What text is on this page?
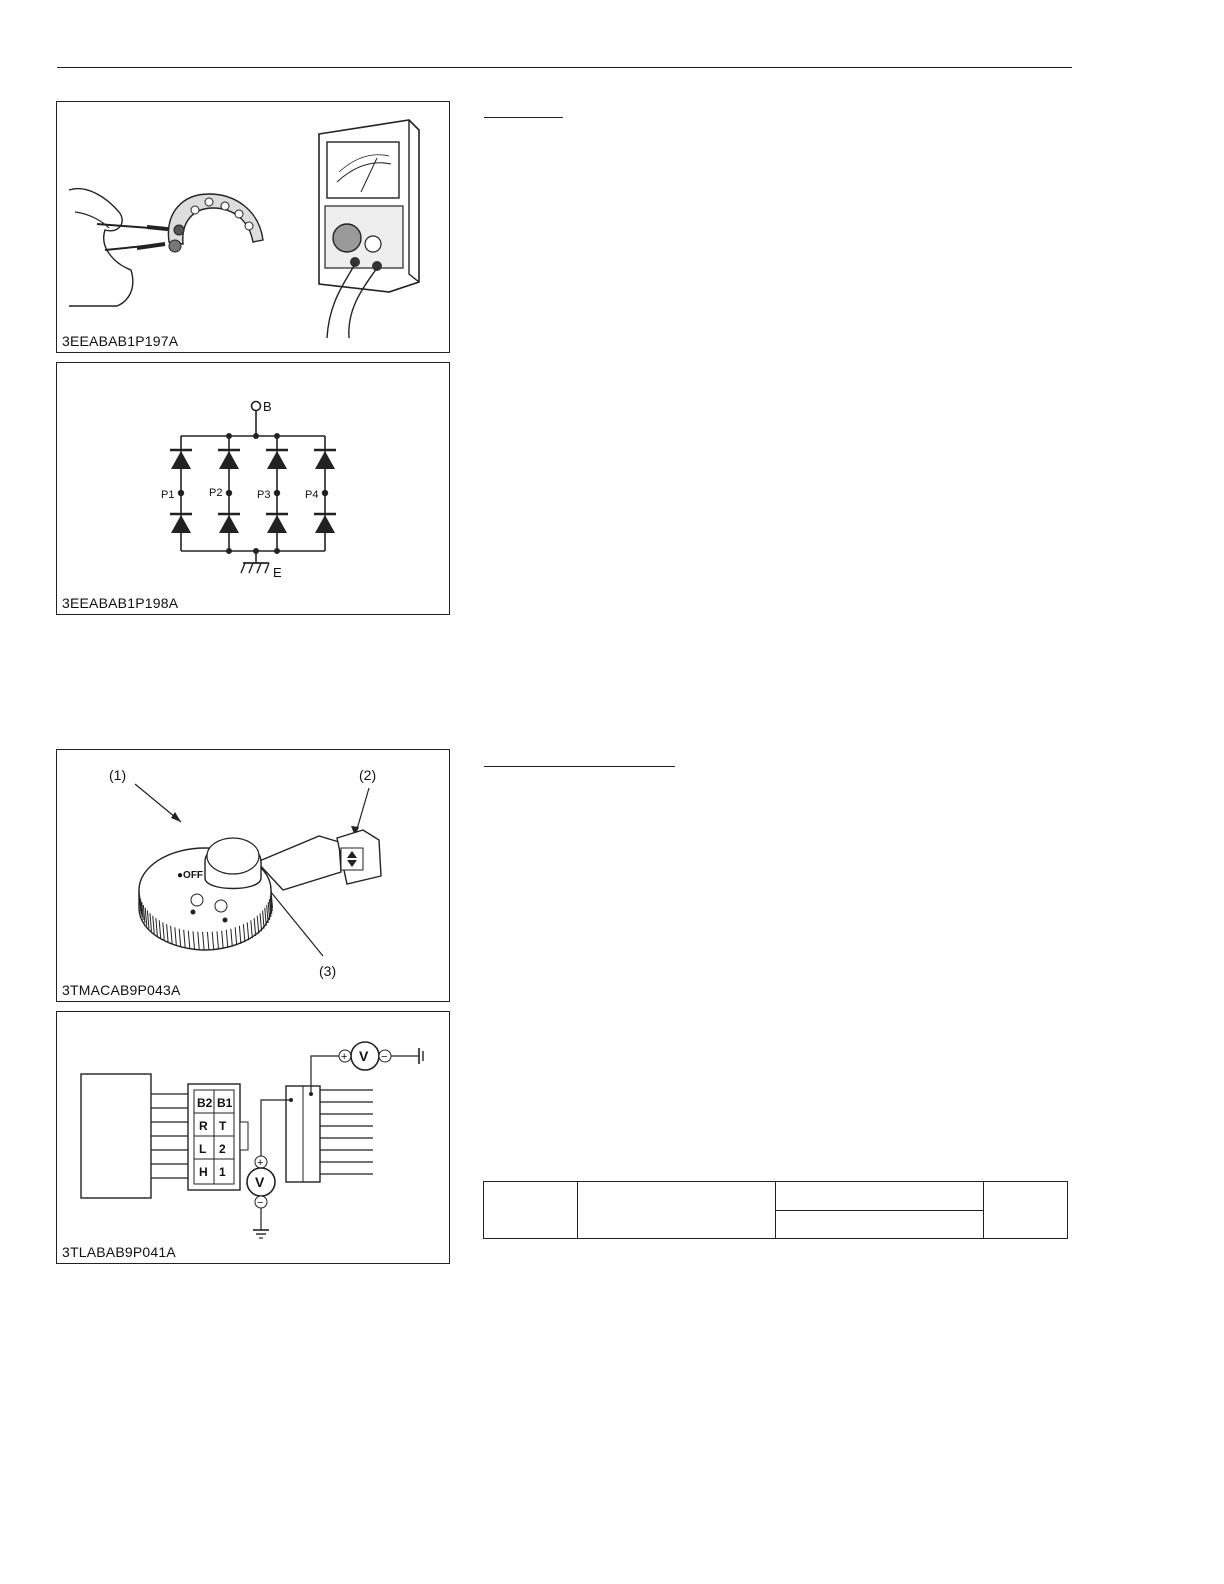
3EEABAB1P197A
B
E
P1	P2	P3	P4
3EEABAB1P198A
●OFF
(1)	(2)
(3)
3TMACAB9P043A
B2 B1
R T
L 2
H 1
V
+	−
V
+
−
3TLABAB9P041A
